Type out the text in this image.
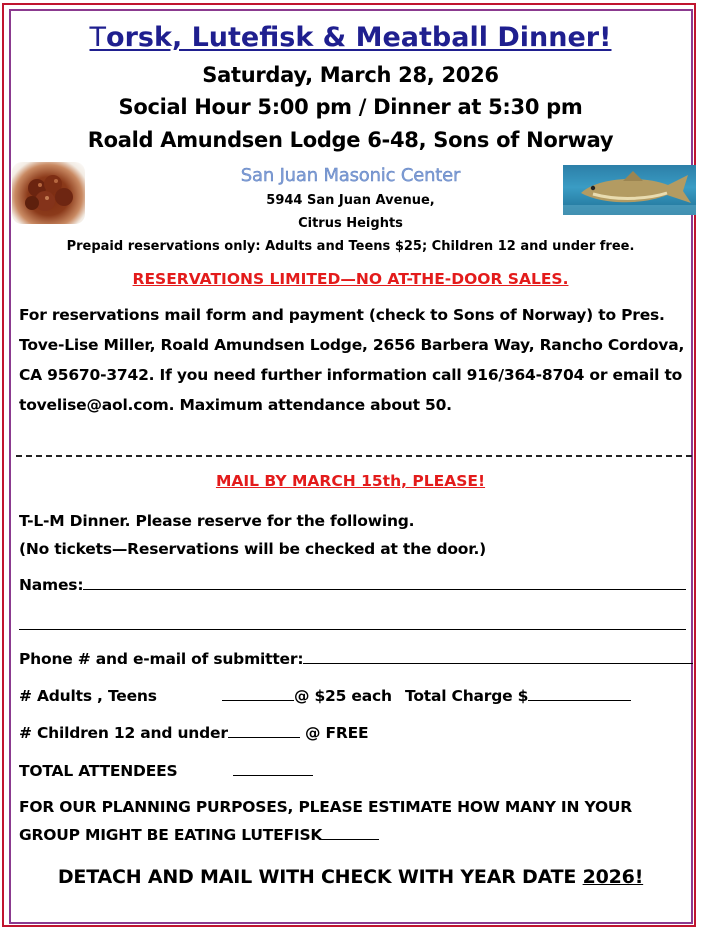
Torsk, Lutefisk & Meatball Dinner!
Saturday, March 28, 2026
Social Hour 5:00 pm / Dinner at 5:30 pm
Roald Amundsen Lodge 6-48, Sons of Norway
San Juan Masonic Center
5944 San Juan Avenue,
Citrus Heights
Prepaid reservations only: Adults and Teens $25; Children 12 and under free.
RESERVATIONS LIMITED—NO AT-THE-DOOR SALES.
For reservations mail form and payment (check to Sons of Norway) to Pres.
Tove-Lise Miller, Roald Amundsen Lodge, 2656 Barbera Way, Rancho Cordova,
CA 95670-3742. If you need further information call 916/364-8704 or email to
tovelise@aol.com. Maximum attendance about 50.
MAIL BY MARCH 15th, PLEASE!
T-L-M Dinner. Please reserve for the following.
(No tickets—Reservations will be checked at the door.)
Names:
Phone # and e-mail of submitter:
# Adults , Teens	@ $25 each Total Charge $
# Children 12 and under	@ FREE
TOTAL ATTENDEES
FOR OUR PLANNING PURPOSES, PLEASE ESTIMATE HOW MANY IN YOUR
GROUP MIGHT BE EATING LUTEFISK
DETACH AND MAIL WITH CHECK WITH YEAR DATE 2026!
